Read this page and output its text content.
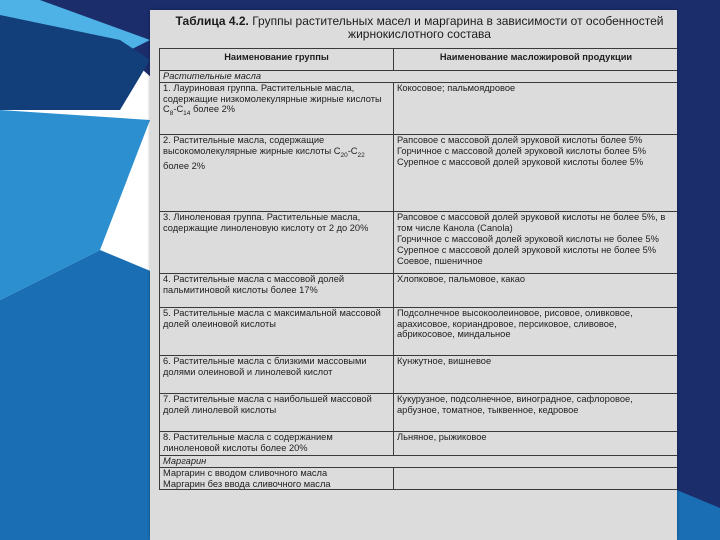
Таблица 4.2. Группы растительных масел и маргарина в зависимости от особенностей жирнокислотного состава
Наименование группы	Наименование масложировой продукции
Растительные масла	
1. Лауриновая группа. Растительные масла, содержащие низкомолекулярные жирные кислоты $C_8-C_{14}$ более 2%	Кокосовое; пальмоядровое
2. Растительные масла, содержащие высокомолекулярные жирные кислоты $C_{20}-C_{22}$ более 2%	Рапсовое с массовой долей эруковой кислоты более 5%
Горчичное с массовой долей эруковой кислоты более 5%
Сурепное с массовой долей эруковой кислоты более 5%
3. Линоленовая группа. Растительные масла, содержащие линоленовую кислоту от 2 до 20%	Рапсовое с массовой долей эруковой кислоты не более 5%, в том числе Канола (Canola)
Горчичное с массовой долей эруковой кислоты не более 5%
Сурепное с массовой долей эруковой кислоты не более 5%
Соевое, пшеничное
4. Растительные масла с массовой долей пальмитиновой кислоты более 17%	Хлопковое, пальмовое, какао
5. Растительные масла с максимальной массовой долей олеиновой кислоты	Подсолнечное высокоолеиновое, рисовое, оливковое, арахисовое, кориандровое, персиковое, сливовое, абрикосовое, миндальное
6. Растительные масла с близкими массовыми долями олеиновой и линолевой кислот	Кунжутное, вишневое
7. Растительные масла с наибольшей массовой долей линолевой кислоты	Кукурузное, подсолнечное, виноградное, сафлоровое, арбузное, томатное, тыквенное, кедровое
8. Растительные масла с содержанием линоленовой кислоты более 20%	Льняное, рыжиковое
Маргарин	
Маргарин с вводом сливочного масла
Маргарин без ввода сливочного масла	
